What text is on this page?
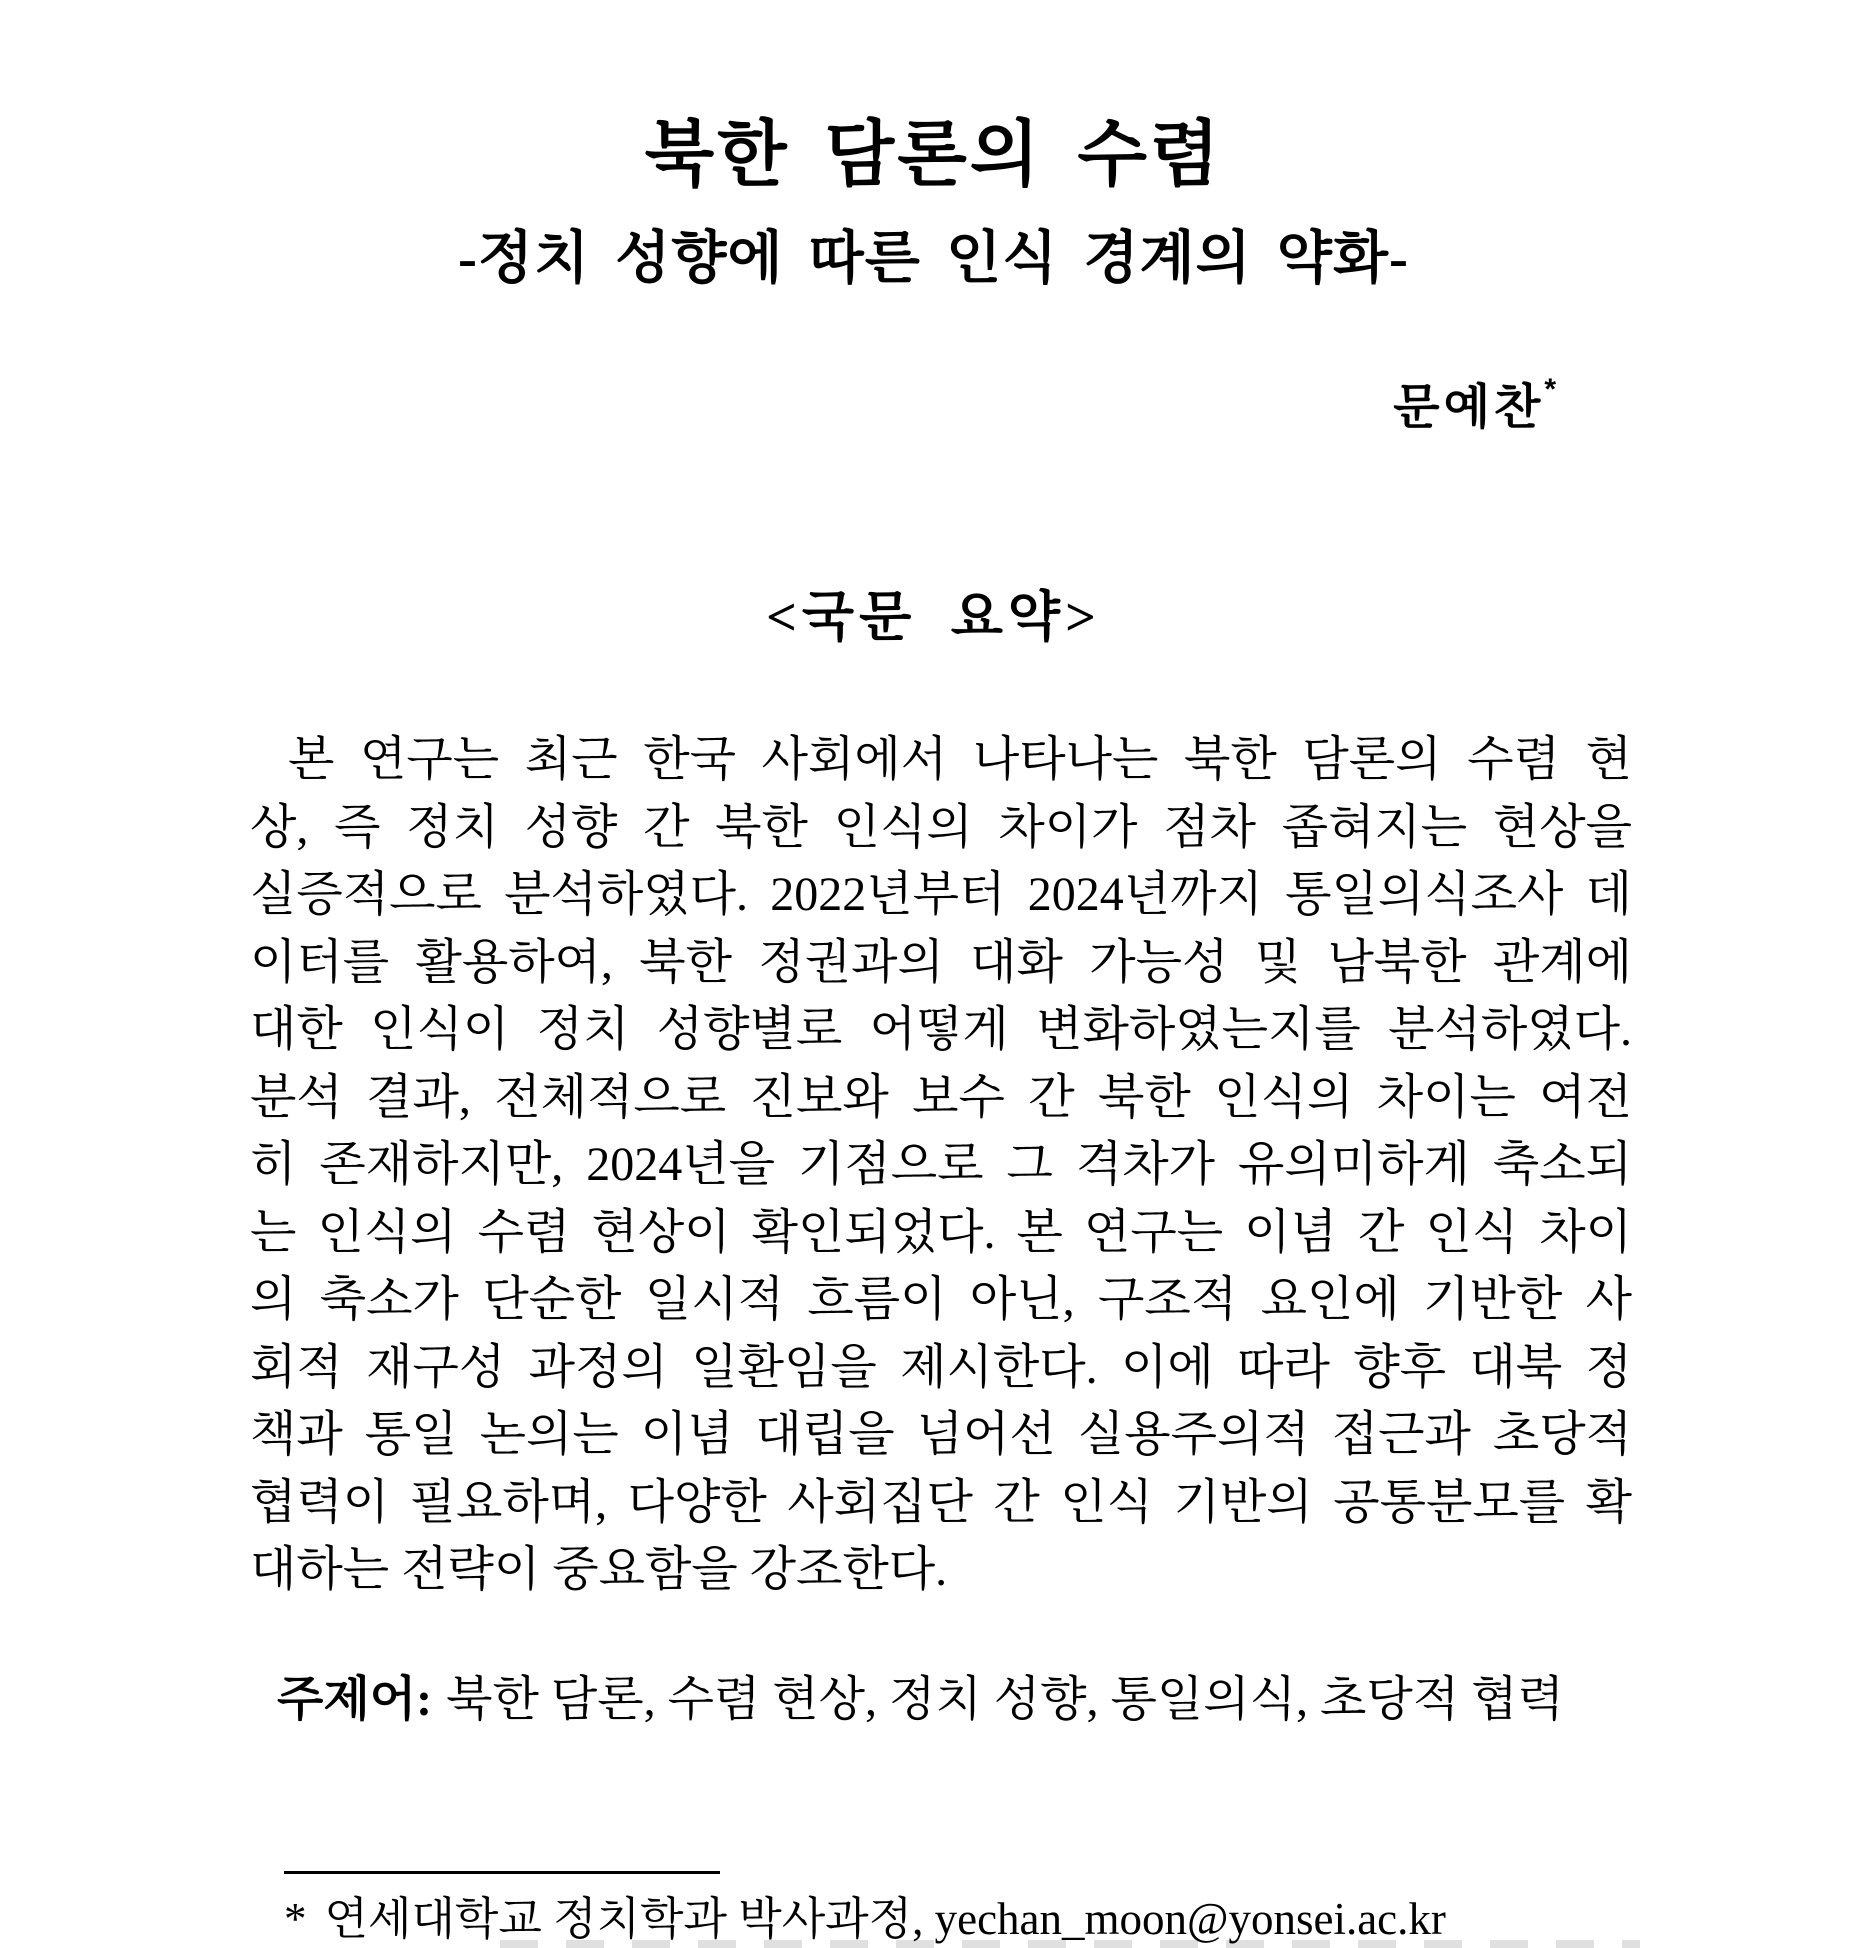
북한 담론의 수렴
-정치 성향에 따른 인식 경계의 약화-
문예찬*
<국문 요약>
본 연구는 최근 한국 사회에서 나타나는 북한 담론의 수렴 현
상, 즉 정치 성향 간 북한 인식의 차이가 점차 좁혀지는 현상을
실증적으로 분석하였다. 2022년부터 2024년까지 통일의식조사 데
이터를 활용하여, 북한 정권과의 대화 가능성 및 남북한 관계에
대한 인식이 정치 성향별로 어떻게 변화하였는지를 분석하였다.
분석 결과, 전체적으로 진보와 보수 간 북한 인식의 차이는 여전
히 존재하지만, 2024년을 기점으로 그 격차가 유의미하게 축소되
는 인식의 수렴 현상이 확인되었다. 본 연구는 이념 간 인식 차이
의 축소가 단순한 일시적 흐름이 아닌, 구조적 요인에 기반한 사
회적 재구성 과정의 일환임을 제시한다. 이에 따라 향후 대북 정
책과 통일 논의는 이념 대립을 넘어선 실용주의적 접근과 초당적
협력이 필요하며, 다양한 사회집단 간 인식 기반의 공통분모를 확
대하는 전략이 중요함을 강조한다.
주제어: 북한 담론, 수렴 현상, 정치 성향, 통일의식, 초당적 협력
* 연세대학교 정치학과 박사과정, yechan_moon@yonsei.ac.kr
